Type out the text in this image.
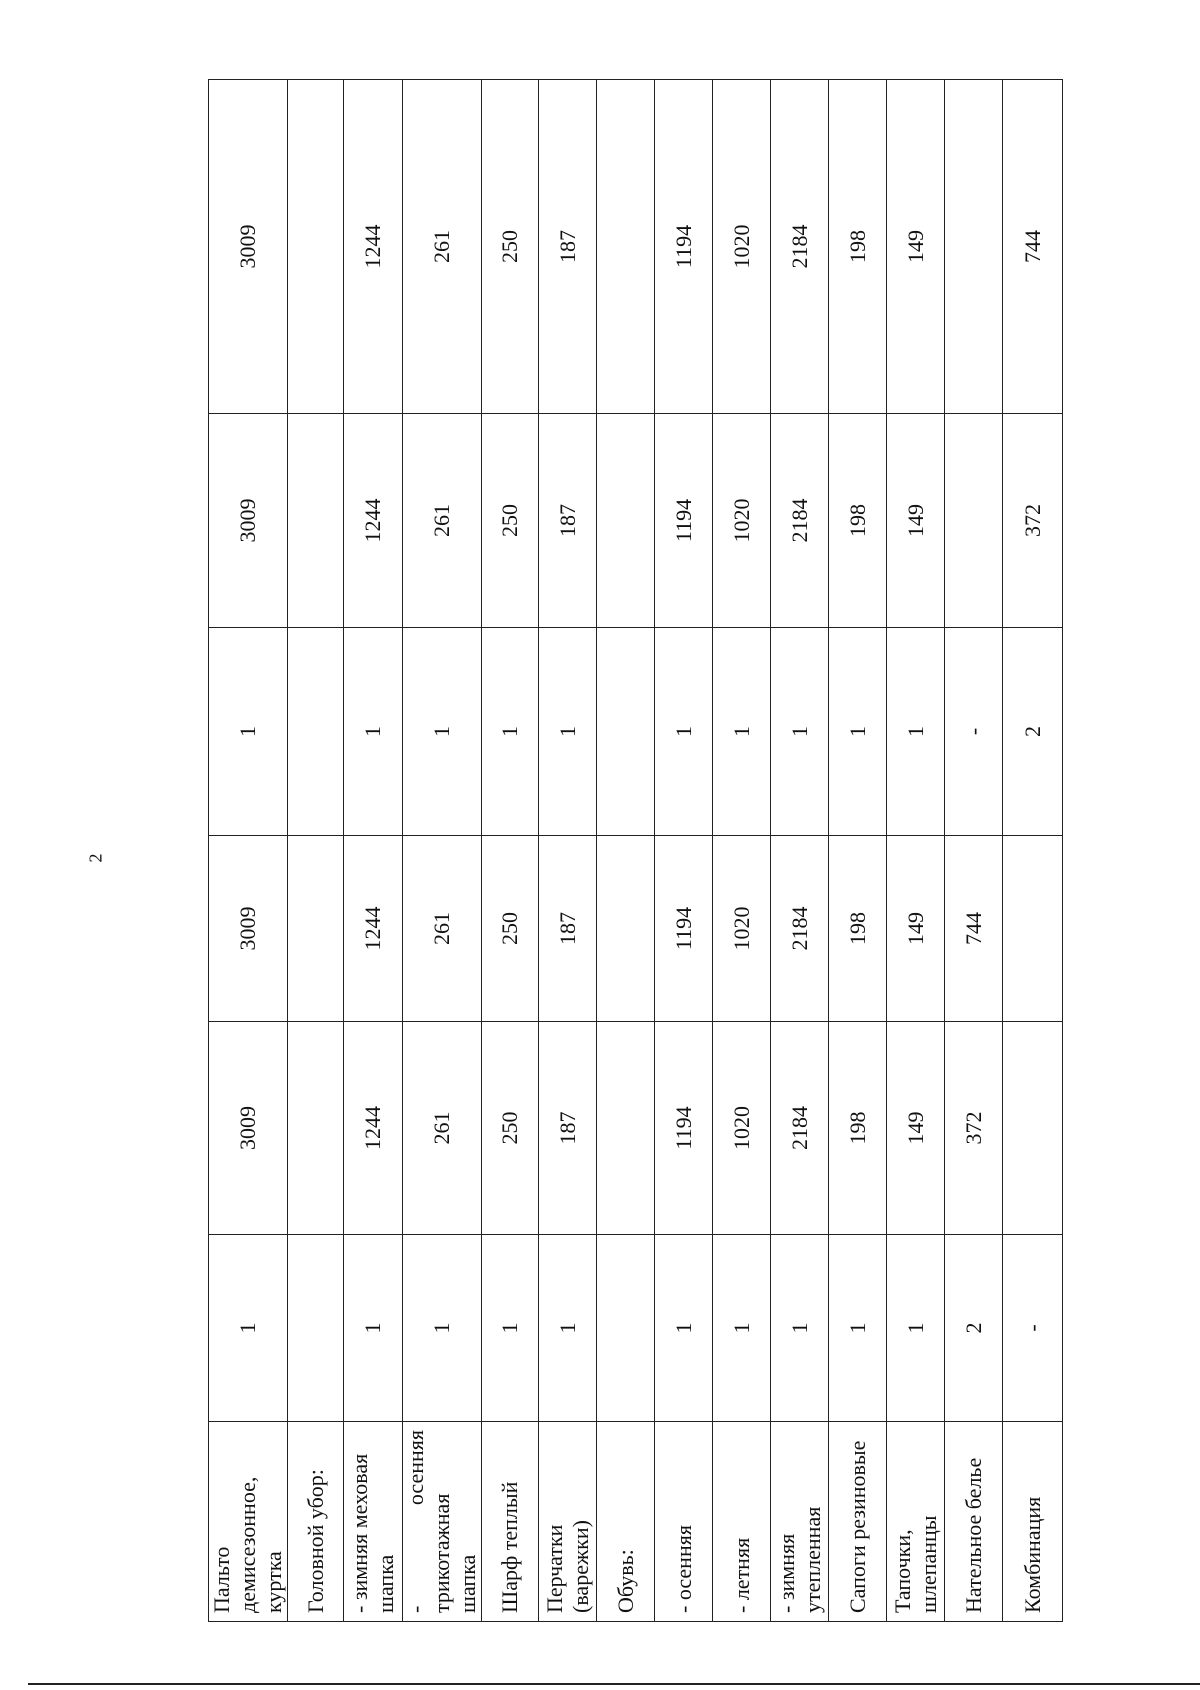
2
Пальто демисезонное, куртка	1	3009	3009	1	3009	3009
Головной убор:						
- зимняя меховая шапка	1	1244	1244	1	1244	1244
- осенняя трикотажная шапка	1	261	261	1	261	261
Шарф теплый	1	250	250	1	250	250
Перчатки (варежки)	1	187	187	1	187	187
Обувь:						
- осенняя	1	1194	1194	1	1194	1194
- летняя	1	1020	1020	1	1020	1020
- зимняя утепленная	1	2184	2184	1	2184	2184
Сапоги резиновые	1	198	198	1	198	198
Тапочки, шлепанцы	1	149	149	1	149	149
Нательное белье	2	372	744	-		
Комбинация	-			2	372	744
